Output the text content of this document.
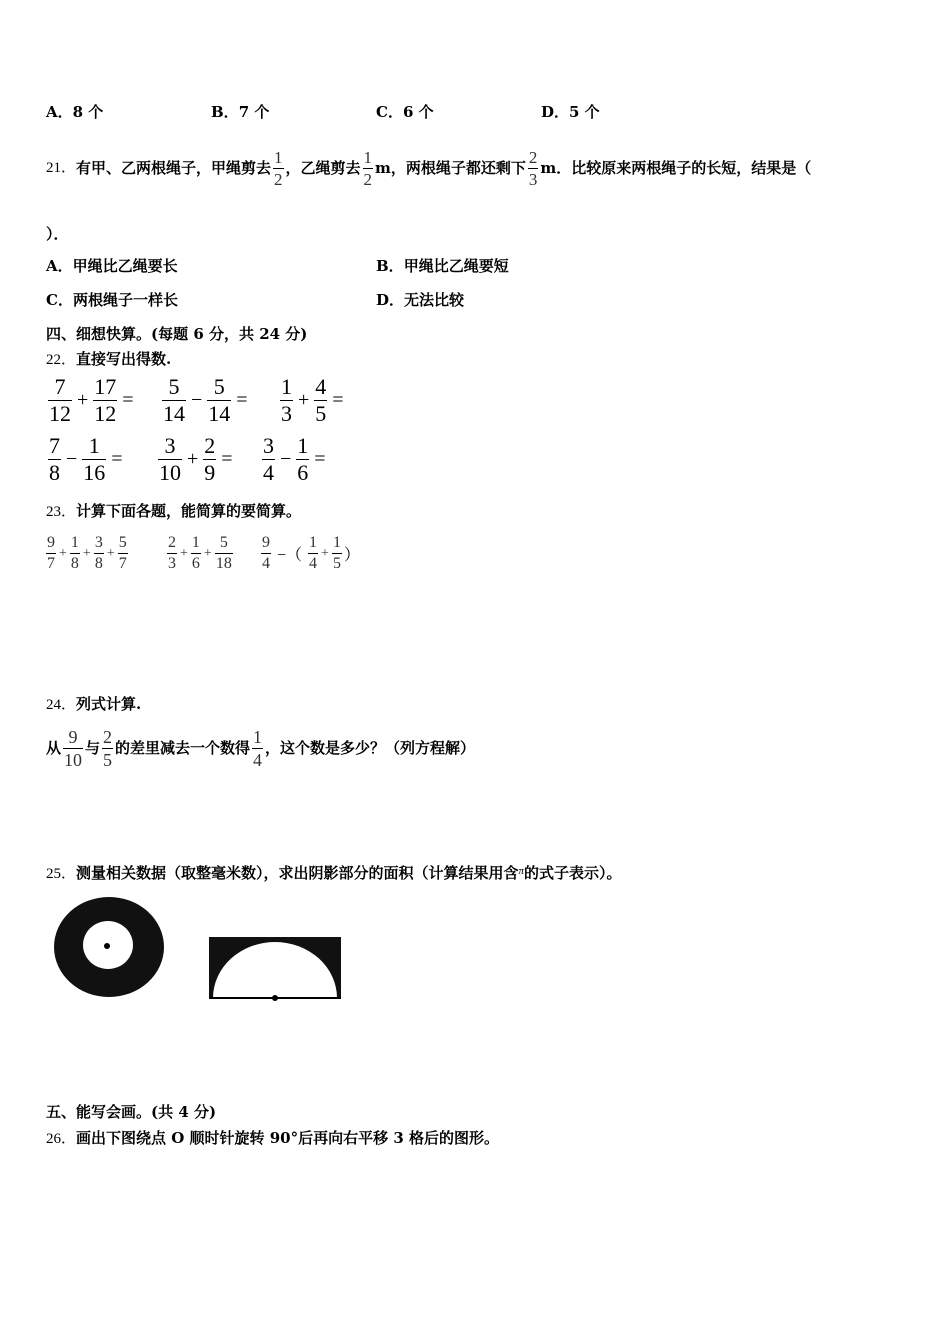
A．8 个	B．7 个	C．6 个	D．5 个
21． 有甲、乙两根绳子，甲绳剪去 $\frac{1}{2}$ ，乙绳剪去 $\frac{1}{2}$ m，两根绳子都还剩下 $\frac{2}{3}$ m．比较原来两根绳子的长短，结果是（
）．
A．甲绳比乙绳要长	B．甲绳比乙绳要短
C．两根绳子一样长	D．无法比较
四、细想快算。(每题 6 分，共 24 分)
22．直接写出得数.
$\frac{7}{12} + \frac{17}{12} = \frac{5}{14} - \frac{5}{14} = \frac{1}{3} + \frac{4}{5}$ =
$\frac{7}{8} - \frac{1}{16} = \frac{3}{10} + \frac{2}{9} = \frac{3}{4} - \frac{1}{6}$ =
23．计算下面各题，能简算的要简算。
$\frac{9}{7} + \frac{1}{8} + \frac{3}{8} + \frac{5}{7} \frac{2}{3} + \frac{1}{6} + \frac{5}{18} \frac{9}{4}$ −（ $\frac{1}{4} + \frac{1}{5}$ ）
24．列式计算.
从 $\frac{9}{10}$ 与 $\frac{2}{5}$ 的差里减去一个数得 $\frac{1}{4}$ ，这个数是多少？（列方程解）
25．测量相关数据（取整毫米数），求出阴影部分的面积（计算结果用含$^\pi$的式子表示）。
五、能写会画。(共 4 分)
26．画出下图绕点 O 顺时针旋转 90°后再向右平移 3 格后的图形。
